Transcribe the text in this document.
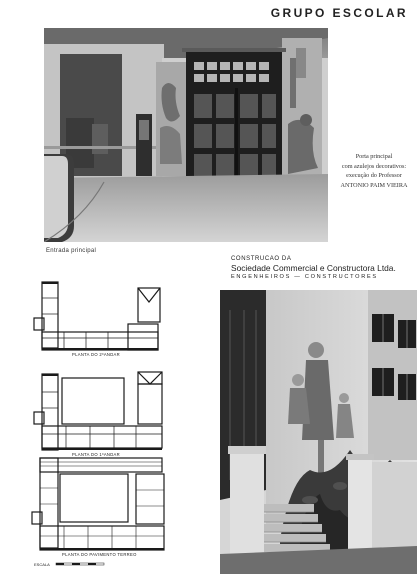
GRUPO ESCOLAR
Porta principal
com azulejos decorativos:
execução do Professor
ANTONIO PAIM VIEIRA
Entrada principal
CONSTRUCAO DA
Sociedade Commercial e Constructora Ltda.
ENGENHEIROS — CONSTRUCTORES
PLANTA DO 2ºANDAR
PLANTA DO 1ºANDAR
PLANTA DO PAVIMENTO TERREO
ESCALA
